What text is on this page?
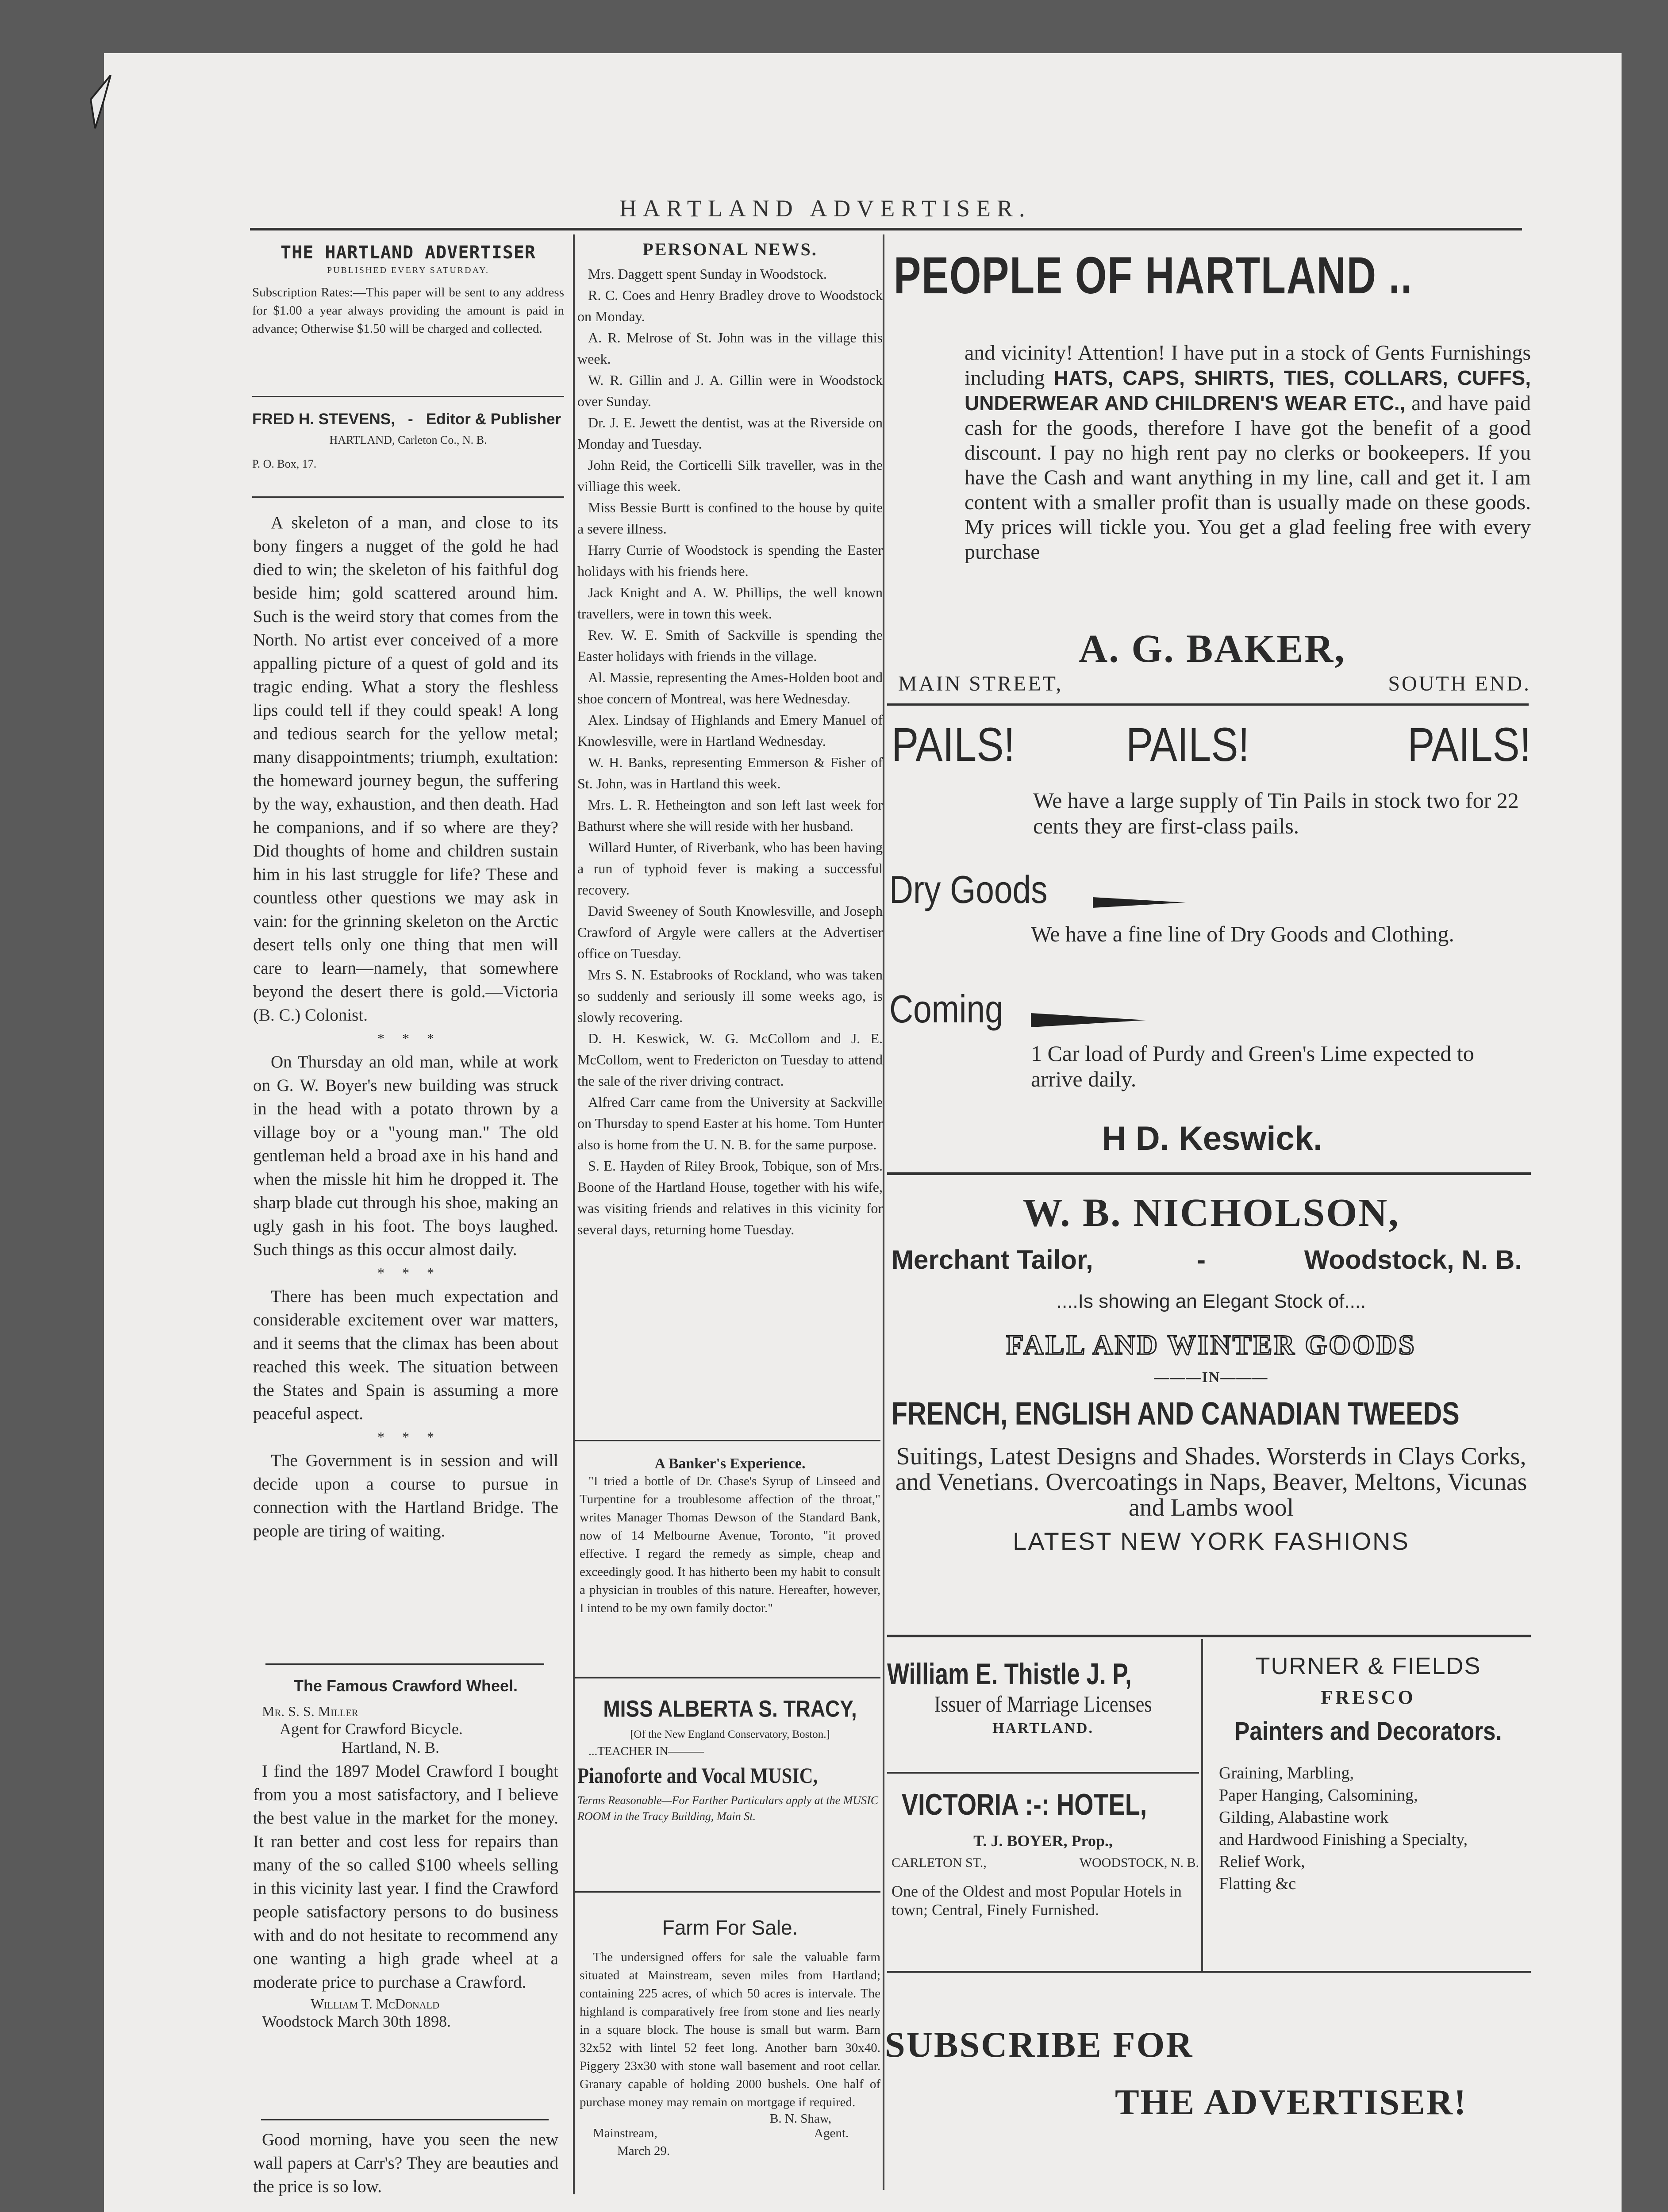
HARTLAND ADVERTISER.
THE HARTLAND ADVERTISER
PUBLISHED EVERY SATURDAY.

Subscription Rates:—This paper will be sent to any address for $1.00 a year always providing the amount is paid in advance; Otherwise $1.50 will be charged and collected.

FRED H. STEVENS,   -   Editor & Publisher
HARTLAND, Carleton Co., N. B.
P. O. Box, 17.

A skeleton of a man, and close to its bony fingers a nugget of the gold he had died to win; the skeleton of his faithful dog beside him; gold scattered around him. Such is the weird story that comes from the North. No artist ever conceived of a more appalling picture of a quest of gold and its tragic ending. What a story the fleshless lips could tell if they could speak! A long and tedious search for the yellow metal; many disappointments; triumph, exultation: the homeward journey begun, the suffering by the way, exhaustion, and then death. Had he companions, and if so where are they? Did thoughts of home and children sustain him in his last struggle for life? These and countless other questions we may ask in vain: for the grinning skeleton on the Arctic desert tells only one thing that men will care to learn—namely, that somewhere beyond the desert there is gold.—Victoria (B. C.) Colonist.

*     *     *

On Thursday an old man, while at work on G. W. Boyer's new building was struck in the head with a potato thrown by a village boy or a "young man." The old gentleman held a broad axe in his hand and when the missle hit him he dropped it. The sharp blade cut through his shoe, making an ugly gash in his foot. The boys laughed. Such things as this occur almost daily.

*     *     *

There has been much expectation and considerable excitement over war matters, and it seems that the climax has been about reached this week. The situation between the States and Spain is assuming a more peaceful aspect.

*     *     *

The Government is in session and will decide upon a course to pursue in connection with the Hartland Bridge. The people are tiring of waiting.

The Famous Crawford Wheel.
Mr. S. S. Miller
Agent for Crawford Bicycle.
Hartland, N. B.

I find the 1897 Model Crawford I bought from you a most satisfactory, and I believe the best value in the market for the money. It ran better and cost less for repairs than many of the so called $100 wheels selling in this vicinity last year. I find the Crawford people satisfactory persons to do business with and do not hesitate to recommend any one wanting a high grade wheel at a moderate price to purchase a Crawford.

William T. McDonald
Woodstock March 30th 1898.

Good morning, have you seen the new wall papers at Carr's? They are beauties and the price is so low.

PERSONAL NEWS.

Mrs. Daggett spent Sunday in Woodstock.

R. C. Coes and Henry Bradley drove to Woodstock on Monday.

A. R. Melrose of St. John was in the village this week.

W. R. Gillin and J. A. Gillin were in Woodstock over Sunday.

Dr. J. E. Jewett the dentist, was at the Riverside on Monday and Tuesday.

John Reid, the Corticelli Silk traveller, was in the villiage this week.

Miss Bessie Burtt is confined to the house by quite a severe illness.

Harry Currie of Woodstock is spending the Easter holidays with his friends here.

Jack Knight and A. W. Phillips, the well known travellers, were in town this week.

Rev. W. E. Smith of Sackville is spending the Easter holidays with friends in the village.

Al. Massie, representing the Ames-Holden boot and shoe concern of Montreal, was here Wednesday.

Alex. Lindsay of Highlands and Emery Manuel of Knowlesville, were in Hartland Wednesday.

W. H. Banks, representing Emmerson & Fisher of St. John, was in Hartland this week.

Mrs. L. R. Hetheington and son left last week for Bathurst where she will reside with her husband.

Willard Hunter, of Riverbank, who has been having a run of typhoid fever is making a successful recovery.

David Sweeney of South Knowlesville, and Joseph Crawford of Argyle were callers at the Advertiser office on Tuesday.

Mrs S. N. Estabrooks of Rockland, who was taken so suddenly and seriously ill some weeks ago, is slowly recovering.

D. H. Keswick, W. G. McCollom and J. E. McCollom, went to Fredericton on Tuesday to attend the sale of the river driving contract.

Alfred Carr came from the University at Sackville on Thursday to spend Easter at his home. Tom Hunter also is home from the U. N. B. for the same purpose.

S. E. Hayden of Riley Brook, Tobique, son of Mrs. Boone of the Hartland House, together with his wife, was visiting friends and relatives in this vicinity for several days, returning home Tuesday.

A Banker's Experience.

"I tried a bottle of Dr. Chase's Syrup of Linseed and Turpentine for a troublesome affection of the throat," writes Manager Thomas Dewson of the Standard Bank, now of 14 Melbourne Avenue, Toronto, "it proved effective. I regard the remedy as simple, cheap and exceedingly good. It has hitherto been my habit to consult a physician in troubles of this nature. Hereafter, however, I intend to be my own family doctor."

MISS ALBERTA S. TRACY,
[Of the New England Conservatory, Boston.]
...TEACHER IN———
Pianoforte and Vocal MUSIC,

Terms Reasonable—For Farther Particulars apply at the MUSIC ROOM in the Tracy Building, Main St.

Farm For Sale.

The undersigned offers for sale the valuable farm situated at Mainstream, seven miles from Hartland; containing 225 acres, of which 50 acres is intervale. The highland is comparatively free from stone and lies nearly in a square block. The house is small but warm. Barn 32x52 with lintel 52 feet long. Another barn 30x40. Piggery 23x30 with stone wall basement and root cellar. Granary capable of holding 2000 bushels. One half of purchase money may remain on mortgage if required.

B. N. Shaw,
Mainstream,	Agent.
March 29.
PEOPLE OF HARTLAND ..

and vicinity! Attention! I have put in a stock of Gents Furnishings including HATS, CAPS, SHIRTS, TIES, COLLARS, CUFFS, UNDERWEAR AND CHILDREN'S WEAR ETC., and have paid cash for the goods, therefore I have got the benefit of a good discount. I pay no high rent pay no clerks or bookeepers. If you have the Cash and want anything in my line, call and get it. I am content with a smaller profit than is usually made on these goods. My prices will tickle you. You get a glad feeling free with every purchase

A. G. BAKER,
MAIN STREET,	SOUTH END.
PAILS! PAILS!	PAILS!

We have a large supply of Tin Pails in stock two for 22 cents they are first-class pails.

Dry Goods

We have a fine line of Dry Goods and Clothing.

Coming

1 Car load of Purdy and Green's Lime expected to arrive daily.

H D. Keswick.
W. B. NICHOLSON,
Merchant Tailor,	-	Woodstock, N. B.
....Is showing an Elegant Stock of....
FALL AND WINTER GOODS
———IN———
FRENCH, ENGLISH AND CANADIAN TWEEDS

Suitings, Latest Designs and Shades. Worsterds in Clays Corks, and Venetians. Overcoatings in Naps, Beaver, Meltons, Vicunas and Lambs wool

LATEST NEW YORK FASHIONS
William E. Thistle J. P,
Issuer of Marriage Licenses
HARTLAND.
VICTORIA :-: HOTEL,
T. J. BOYER, Prop.,
CARLETON ST.,	WOODSTOCK, N. B.

One of the Oldest and most Popular Hotels in town; Central, Finely Furnished.

TURNER & FIELDS
FRESCO
Painters and Decorators.

Graining, Marbling,
Paper Hanging, Calsomining,
Gilding, Alabastine work
and Hardwood Finishing a Specialty,
Relief Work,
Flatting &c

SUBSCRIBE FOR
THE ADVERTISER!
